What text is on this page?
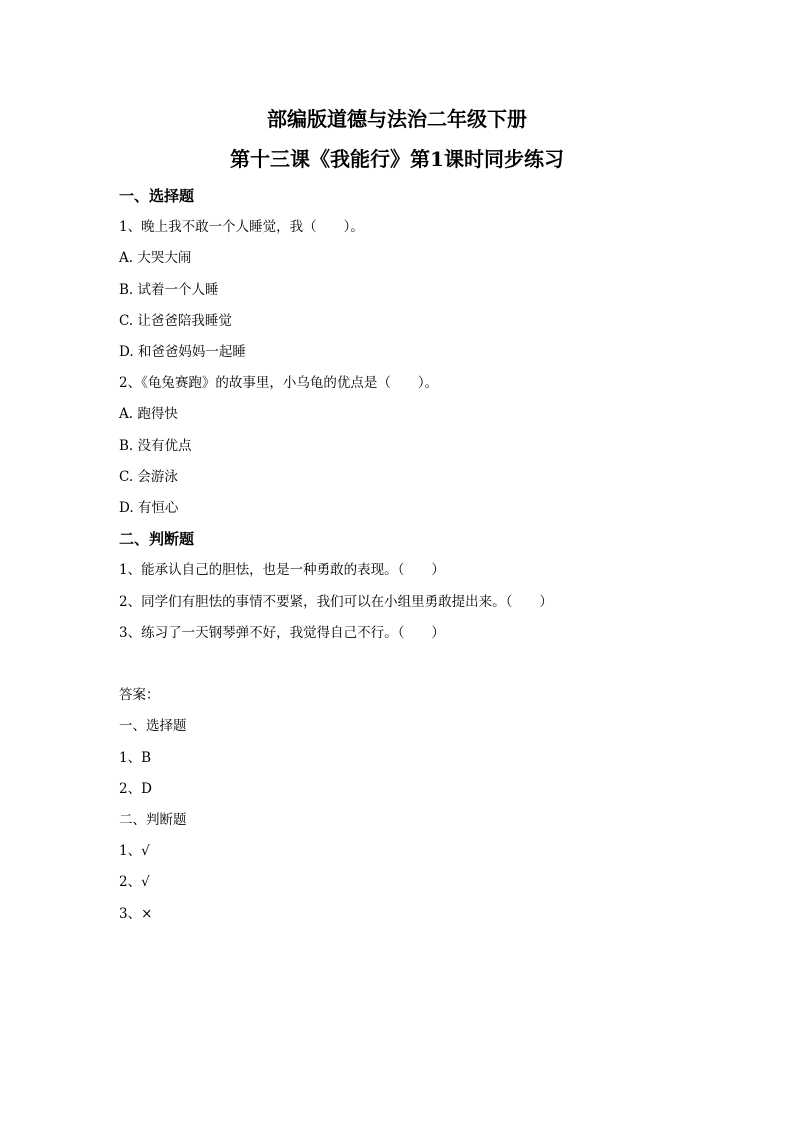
部编版道德与法治二年级下册
第十三课《我能行》第1课时同步练习
一、选择题
1、晚上我不敢一个人睡觉，我（　　）。
A. 大哭大闹
B. 试着一个人睡
C. 让爸爸陪我睡觉
D. 和爸爸妈妈一起睡
2、《龟兔赛跑》的故事里，小乌龟的优点是（　　）。
A. 跑得快
B. 没有优点
C. 会游泳
D. 有恒心
二、判断题
1、能承认自己的胆怯，也是一种勇敢的表现。（　　）
2、同学们有胆怯的事情不要紧，我们可以在小组里勇敢提出来。（　　）
3、练习了一天钢琴弹不好，我觉得自己不行。（　　）
答案：
一、选择题
1、B
2、D
二、判断题
1、√
2、√
3、×
